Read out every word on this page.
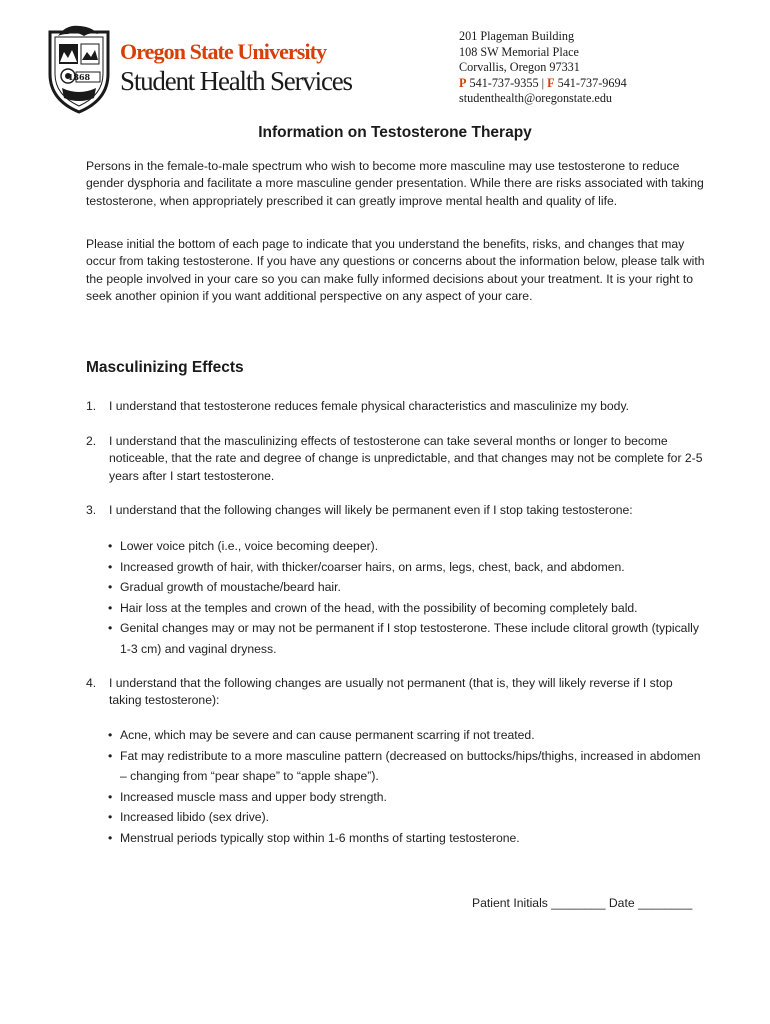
1868
Oregon State University
Student Health Services
201 Plageman Building
108 SW Memorial Place
Corvallis, Oregon 97331
P 541-737-9355 | F 541-737-9694
studenthealth@oregonstate.edu
Information on Testosterone Therapy
Persons in the female-to-male spectrum who wish to become more masculine may use testosterone to reduce gender dysphoria and facilitate a more masculine gender presentation. While there are risks associated with taking testosterone, when appropriately prescribed it can greatly improve mental health and quality of life.
Please initial the bottom of each page to indicate that you understand the benefits, risks, and changes that may occur from taking testosterone. If you have any questions or concerns about the information below, please talk with the people involved in your care so you can make fully informed decisions about your treatment. It is your right to seek another opinion if you want additional perspective on any aspect of your care.
Masculinizing Effects
1. I understand that testosterone reduces female physical characteristics and masculinize my body.
2. I understand that the masculinizing effects of testosterone can take several months or longer to become noticeable, that the rate and degree of change is unpredictable, and that changes may not be complete for 2-5 years after I start testosterone.
3. I understand that the following changes will likely be permanent even if I stop taking testosterone:
• Lower voice pitch (i.e., voice becoming deeper).
• Increased growth of hair, with thicker/coarser hairs, on arms, legs, chest, back, and abdomen.
• Gradual growth of moustache/beard hair.
• Hair loss at the temples and crown of the head, with the possibility of becoming completely bald.
• Genital changes may or may not be permanent if I stop testosterone. These include clitoral growth (typically 1-3 cm) and vaginal dryness.
4. I understand that the following changes are usually not permanent (that is, they will likely reverse if I stop taking testosterone):
• Acne, which may be severe and can cause permanent scarring if not treated.
• Fat may redistribute to a more masculine pattern (decreased on buttocks/hips/thighs, increased in abdomen – changing from “pear shape” to “apple shape”).
• Increased muscle mass and upper body strength.
• Increased libido (sex drive).
• Menstrual periods typically stop within 1-6 months of starting testosterone.
Patient Initials ________ Date ________
